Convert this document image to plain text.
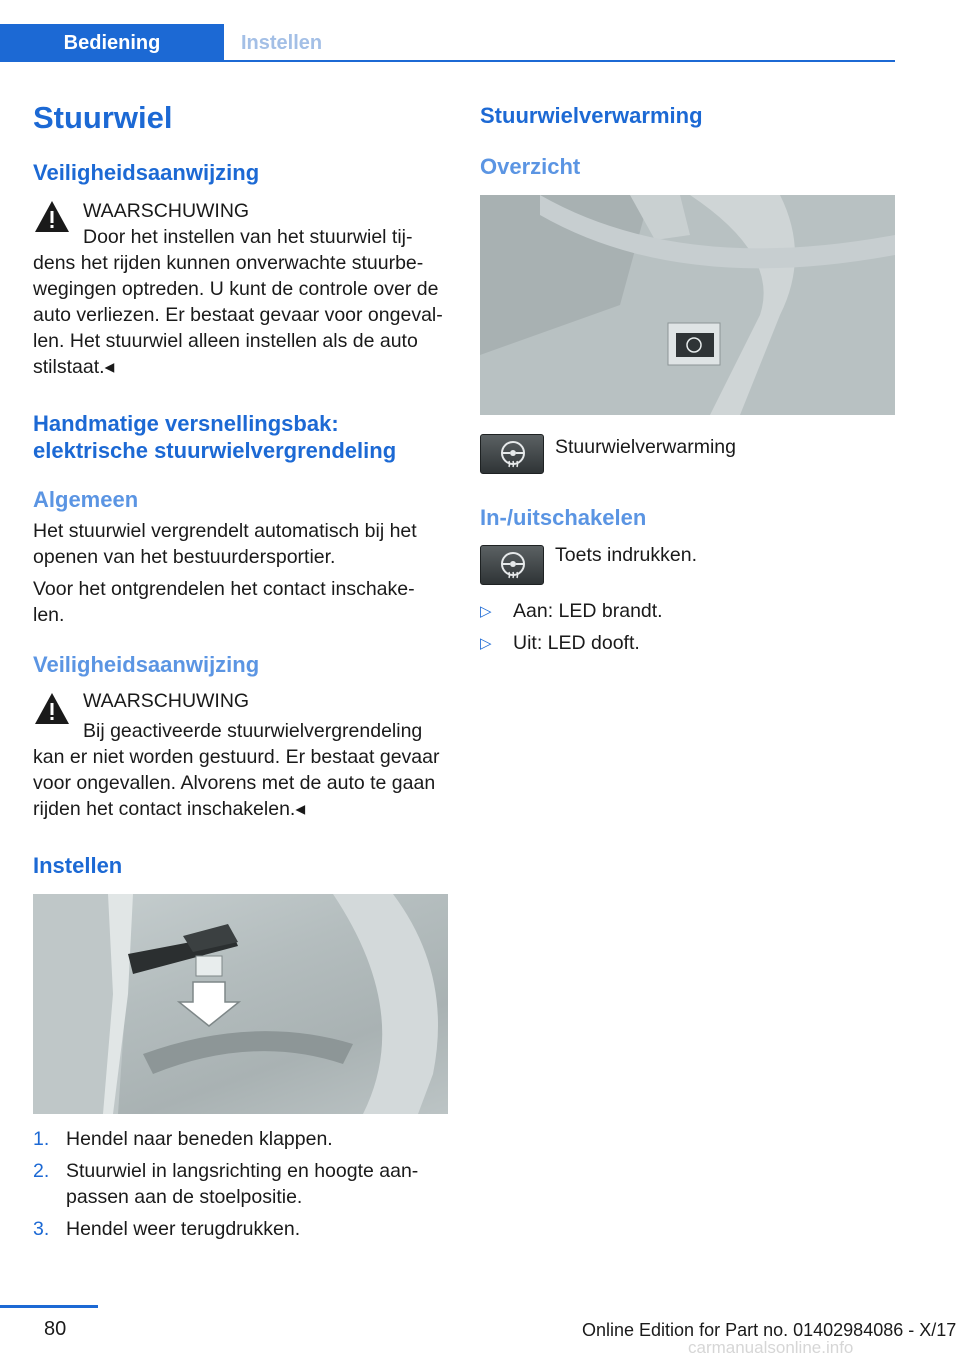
Bediening	Instellen
Stuurwiel
Veiligheidsaanwijzing
WAARSCHUWING
Door het instellen van het stuurwiel tij-
dens het rijden kunnen onverwachte stuurbe-
wegingen optreden. U kunt de controle over de
auto verliezen. Er bestaat gevaar voor ongeval-
len. Het stuurwiel alleen instellen als de auto
stilstaat.◂
Handmatige versnellingsbak:
elektrische stuurwielvergrendeling
Algemeen
Het stuurwiel vergrendelt automatisch bij het
openen van het bestuurdersportier.
Voor het ontgrendelen het contact inschake-
len.
Veiligheidsaanwijzing
WAARSCHUWING
Bij geactiveerde stuurwielvergrendeling
kan er niet worden gestuurd. Er bestaat gevaar
voor ongevallen. Alvorens met de auto te gaan
rijden het contact inschakelen.◂
Instellen
1. Hendel naar beneden klappen.
2. Stuurwiel in langsrichting en hoogte aan-
passen aan de stoelpositie.
3. Hendel weer terugdrukken.
Stuurwielverwarming
Overzicht
Stuurwielverwarming
In-/uitschakelen
Toets indrukken.
▷ Aan: LED brandt.
▷ Uit: LED dooft.
80	Online Edition for Part no. 01402984086 - X/17
carmanualsonline.info
